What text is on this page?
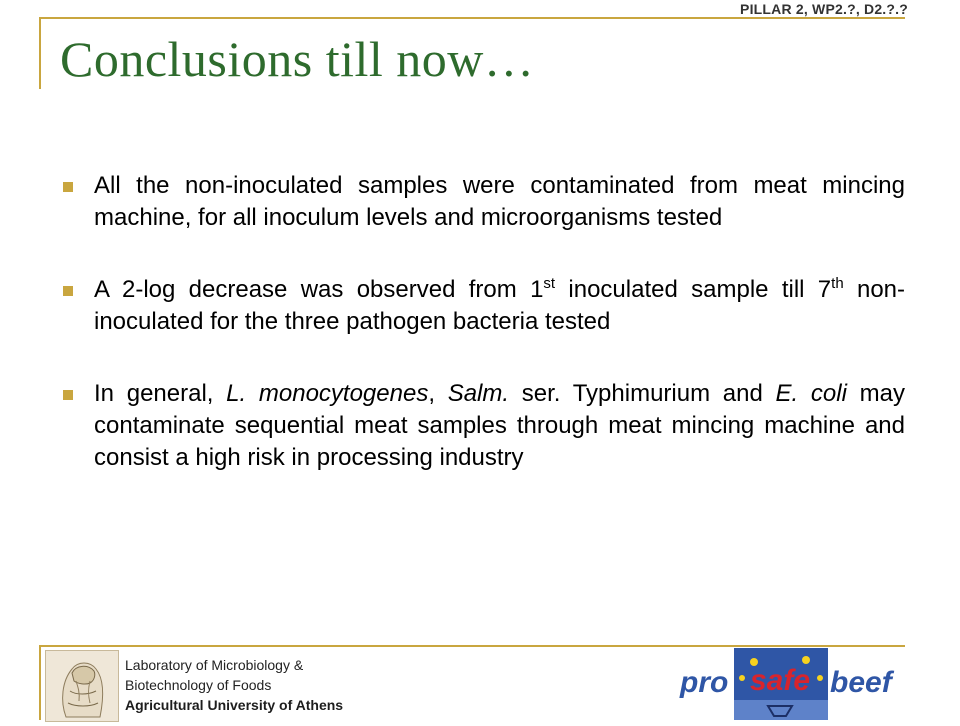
PILLAR 2, WP2.?, D2.?.?
Conclusions till now…
All the non-inoculated samples were contaminated from meat mincing machine, for all inoculum levels and microorganisms tested
A 2-log decrease was observed from 1st inoculated sample till 7th non-inoculated for the three pathogen bacteria tested
In general, L. monocytogenes, Salm. ser. Typhimurium and E. coli may contaminate sequential meat samples through meat mincing machine and consist a high risk in processing industry
Laboratory of Microbiology &
Biotechnology of Foods
Agricultural University of Athens
safe
pro	beef
